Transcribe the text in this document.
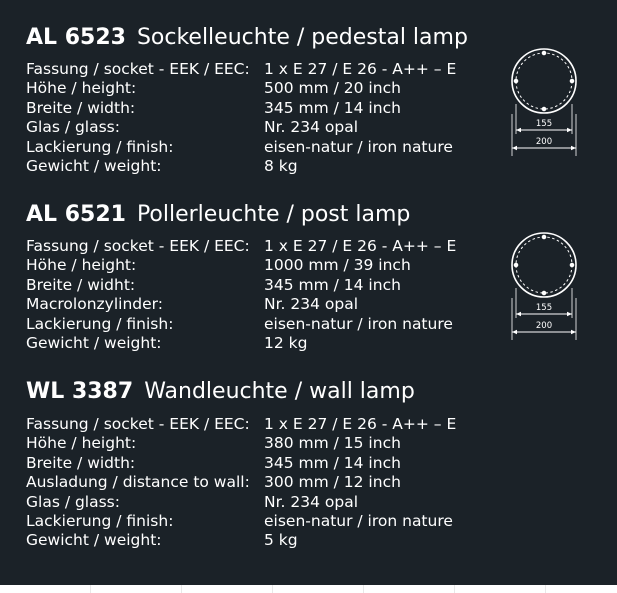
AL 6523 Sockelleuchte / pedestal lamp
Fassung / socket - EEK / EEC: 1 x E 27 / E 26 - A++ – E
Höhe / height:	500 mm / 20 inch
Breite / width:	345 mm / 14 inch
Glas / glass:	Nr. 234 opal
Lackierung / finish:	eisen-natur / iron nature
Gewicht / weight:	8 kg
155
200
AL 6521 Pollerleuchte / post lamp
Fassung / socket - EEK / EEC: 1 x E 27 / E 26 - A++ – E
Höhe / height:	1000 mm / 39 inch
Breite / widht:	345 mm / 14 inch
Macrolonzylinder:	Nr. 234 opal
Lackierung / finish:	eisen-natur / iron nature
Gewicht / weight:	12 kg
155
200
WL 3387 Wandleuchte / wall lamp
Fassung / socket - EEK / EEC: 1 x E 27 / E 26 - A++ – E
Höhe / height:	380 mm / 15 inch
Breite / width:	345 mm / 14 inch
Ausladung / distance to wall: 300 mm / 12 inch
Glas / glass:	Nr. 234 opal
Lackierung / finish:	eisen-natur / iron nature
Gewicht / weight:	5 kg
